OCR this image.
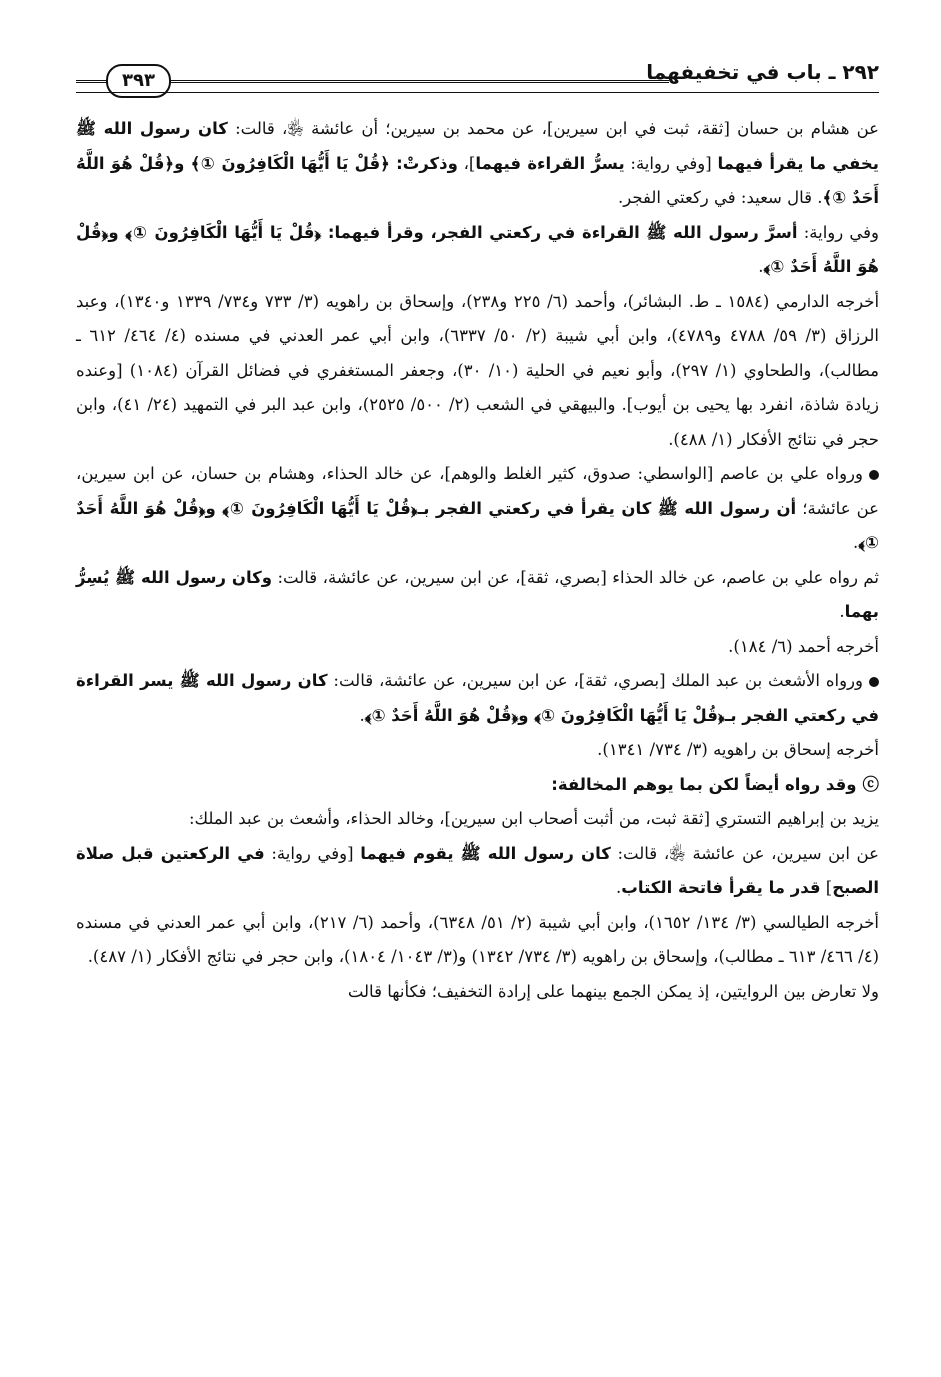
٣٩٣	٢٩٢ ـ باب في تخفيفهما

عن هشام بن حسان [ثقة، ثبت في ابن سيرين]، عن محمد بن سيرين؛ أن عائشة ﵂، قالت: كان رسول الله ﷺ يخفي ما يقرأ فيهما [وفي رواية: يسرُّ القراءة فيهما]، وذكرتْ: ﴿قُلْ يَا أَيُّهَا الْكَافِرُونَ ①﴾ و﴿قُلْ هُوَ اللَّهُ أَحَدٌ ①﴾. قال سعيد: في ركعتي الفجر.

وفي رواية: أسرَّ رسول الله ﷺ القراءة في ركعتي الفجر، وقرأ فيهما: ﴿قُلْ يَا أَيُّهَا الْكَافِرُونَ ①﴾ و﴿قُلْ هُوَ اللَّهُ أَحَدٌ ①﴾.

أخرجه الدارمي (١٥٨٤ ـ ط. البشائر)، وأحمد (٦/ ٢٢٥ و٢٣٨)، وإسحاق بن راهويه (٣/ ٧٣٣ و٧٣٤/ ١٣٣٩ و١٣٤٠)، وعبد الرزاق (٣/ ٥٩/ ٤٧٨٨ و٤٧٨٩)، وابن أبي شيبة (٢/ ٥٠/ ٦٣٣٧)، وابن أبي عمر العدني في مسنده (٤/ ٤٦٤/ ٦١٢ ـ مطالب)، والطحاوي (١/ ٢٩٧)، وأبو نعيم في الحلية (١٠/ ٣٠)، وجعفر المستغفري في فضائل القرآن (١٠٨٤) [وعنده زيادة شاذة، انفرد بها يحيى بن أيوب]. والبيهقي في الشعب (٢/ ٥٠٠/ ٢٥٢٥)، وابن عبد البر في التمهيد (٢٤/ ٤١)، وابن حجر في نتائج الأفكار (١/ ٤٨٨).

ورواه علي بن عاصم [الواسطي: صدوق، كثير الغلط والوهم]، عن خالد الحذاء، وهشام بن حسان، عن ابن سيرين، عن عائشة؛ أن رسول الله ﷺ كان يقرأ في ركعتي الفجر بـ﴿قُلْ يَا أَيُّهَا الْكَافِرُونَ ①﴾ و﴿قُلْ هُوَ اللَّهُ أَحَدٌ ①﴾.

ثم رواه علي بن عاصم، عن خالد الحذاء [بصري، ثقة]، عن ابن سيرين، عن عائشة، قالت: وكان رسول الله ﷺ يُسِرُّ بهما.

أخرجه أحمد (٦/ ١٨٤).

ورواه الأشعث بن عبد الملك [بصري، ثقة]، عن ابن سيرين، عن عائشة، قالت: كان رسول الله ﷺ يسر القراءة في ركعتي الفجر بـ﴿قُلْ يَا أَيُّهَا الْكَافِرُونَ ①﴾ و﴿قُلْ هُوَ اللَّهُ أَحَدٌ ①﴾.

أخرجه إسحاق بن راهويه (٣/ ٧٣٤/ ١٣٤١).

ⓒوقد رواه أيضاً لكن بما يوهم المخالفة:

يزيد بن إبراهيم التستري [ثقة ثبت، من أثبت أصحاب ابن سيرين]، وخالد الحذاء، وأشعث بن عبد الملك:

عن ابن سيرين، عن عائشة ﵂، قالت: كان رسول الله ﷺ يقوم فيهما [وفي رواية: في الركعتين قبل صلاة الصبح] قدر ما يقرأ فاتحة الكتاب.

أخرجه الطيالسي (٣/ ١٣٤/ ١٦٥٢)، وابن أبي شيبة (٢/ ٥١/ ٦٣٤٨)، وأحمد (٦/ ٢١٧)، وابن أبي عمر العدني في مسنده (٤/ ٤٦٦/ ٦١٣ ـ مطالب)، وإسحاق بن راهويه (٣/ ٧٣٤/ ١٣٤٢) و(٣/ ١٠٤٣/ ١٨٠٤)، وابن حجر في نتائج الأفكار (١/ ٤٨٧).

ولا تعارض بين الروايتين، إذ يمكن الجمع بينهما على إرادة التخفيف؛ فكأنها قالت
